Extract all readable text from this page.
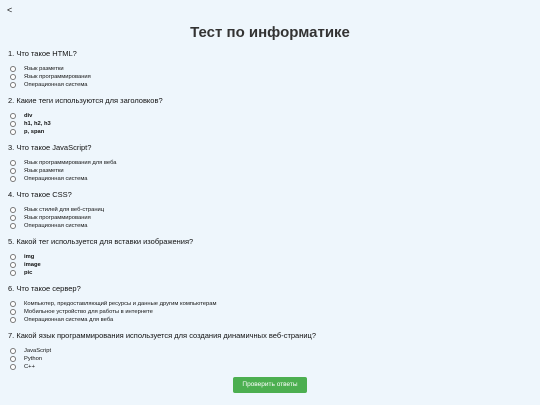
<
Тест по информатике

1. Что такое HTML?

Язык разметки
Язык программирования
Операционная система

2. Какие теги используются для заголовков?

div
h1, h2, h3
p, span

3. Что такое JavaScript?

Язык программирования для веба
Язык разметки
Операционная система

4. Что такое CSS?

Язык стилей для веб-страниц
Язык программирования
Операционная система

5. Какой тег используется для вставки изображения?

img
image
pic

6. Что такое сервер?

Компьютер, предоставляющий ресурсы и данные другим компьютерам
Мобильное устройство для работы в интернете
Операционная система для веба

7. Какой язык программирования используется для создания динамичных веб-страниц?

JavaScript
Python
C++
Проверить ответы
